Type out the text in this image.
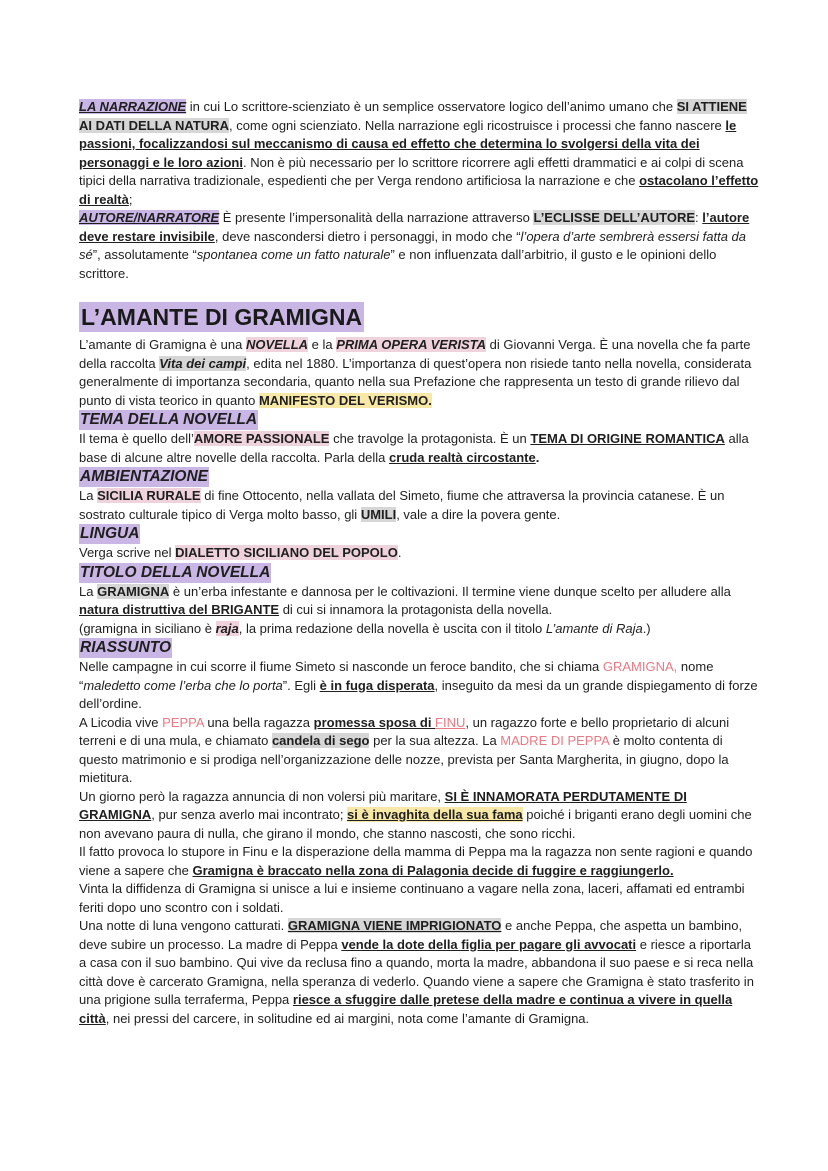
LA NARRAZIONE in cui Lo scrittore-scienziato è un semplice osservatore logico dell’animo umano che SI ATTIENE AI DATI DELLA NATURA, come ogni scienziato. Nella narrazione egli ricostruisce i processi che fanno nascere le passioni, focalizzandosi sul meccanismo di causa ed effetto che determina lo svolgersi della vita dei personaggi e le loro azioni. Non è più necessario per lo scrittore ricorrere agli effetti drammatici e ai colpi di scena tipici della narrativa tradizionale, espedienti che per Verga rendono artificiosa la narrazione e che ostacolano l’effetto di realtà;

AUTORE/NARRATORE È presente l’impersonalità della narrazione attraverso L’ECLISSE DELL’AUTORE: l’autore deve restare invisibile, deve nascondersi dietro i personaggi, in modo che “l’opera d’arte sembrerà essersi fatta da sé”, assolutamente “spontanea come un fatto naturale” e non influenzata dall’arbitrio, il gusto e le opinioni dello scrittore.

L’AMANTE DI GRAMIGNA

L’amante di Gramigna è una NOVELLA e la PRIMA OPERA VERISTA di Giovanni Verga. È una novella che fa parte della raccolta Vita dei campi, edita nel 1880. L’importanza di quest’opera non risiede tanto nella novella, considerata generalmente di importanza secondaria, quanto nella sua Prefazione che rappresenta un testo di grande rilievo dal punto di vista teorico in quanto MANIFESTO DEL VERISMO.

TEMA DELLA NOVELLA

Il tema è quello dell’AMORE PASSIONALE che travolge la protagonista. È un TEMA DI ORIGINE ROMANTICA alla base di alcune altre novelle della raccolta. Parla della cruda realtà circostante.

AMBIENTAZIONE

La SICILIA RURALE di fine Ottocento, nella vallata del Simeto, fiume che attraversa la provincia catanese. È un sostrato culturale tipico di Verga molto basso, gli UMILI, vale a dire la povera gente.

LINGUA

Verga scrive nel DIALETTO SICILIANO DEL POPOLO.

TITOLO DELLA NOVELLA

La GRAMIGNA è un’erba infestante e dannosa per le coltivazioni. Il termine viene dunque scelto per alludere alla natura distruttiva del BRIGANTE di cui si innamora la protagonista della novella.

(gramigna in siciliano è raja, la prima redazione della novella è uscita con il titolo L’amante di Raja.)

RIASSUNTO

Nelle campagne in cui scorre il fiume Simeto si nasconde un feroce bandito, che si chiama GRAMIGNA, nome “maledetto come l’erba che lo porta”. Egli è in fuga disperata, inseguito da mesi da un grande dispiegamento di forze dell’ordine.

A Licodia vive PEPPA una bella ragazza promessa sposa di FINU, un ragazzo forte e bello proprietario di alcuni terreni e di una mula, e chiamato candela di sego per la sua altezza. La MADRE DI PEPPA è molto contenta di questo matrimonio e si prodiga nell’organizzazione delle nozze, prevista per Santa Margherita, in giugno, dopo la mietitura.

Un giorno però la ragazza annuncia di non volersi più maritare, SI È INNAMORATA PERDUTAMENTE DI GRAMIGNA, pur senza averlo mai incontrato; si è invaghita della sua fama poiché i briganti erano degli uomini che non avevano paura di nulla, che girano il mondo, che stanno nascosti, che sono ricchi.

Il fatto provoca lo stupore in Finu e la disperazione della mamma di Peppa ma la ragazza non sente ragioni e quando viene a sapere che Gramigna è braccato nella zona di Palagonia decide di fuggire e raggiungerlo.

Vinta la diffidenza di Gramigna si unisce a lui e insieme continuano a vagare nella zona, laceri, affamati ed entrambi feriti dopo uno scontro con i soldati.

Una notte di luna vengono catturati. GRAMIGNA VIENE IMPRIGIONATO e anche Peppa, che aspetta un bambino, deve subire un processo. La madre di Peppa vende la dote della figlia per pagare gli avvocati e riesce a riportarla a casa con il suo bambino. Qui vive da reclusa fino a quando, morta la madre, abbandona il suo paese e si reca nella città dove è carcerato Gramigna, nella speranza di vederlo. Quando viene a sapere che Gramigna è stato trasferito in una prigione sulla terraferma, Peppa riesce a sfuggire dalle pretese della madre e continua a vivere in quella città, nei pressi del carcere, in solitudine ed ai margini, nota come l’amante di Gramigna.
